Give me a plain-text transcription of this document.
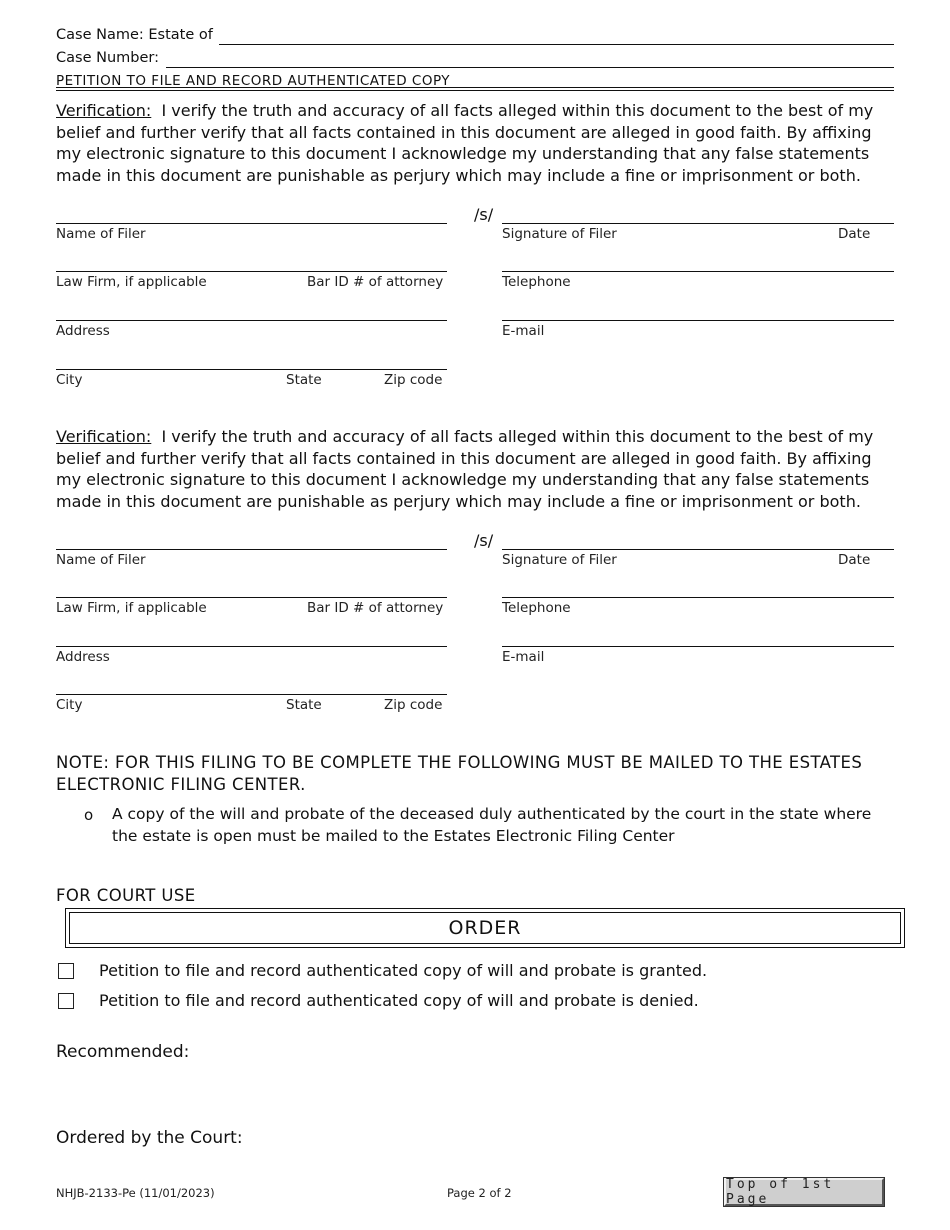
Case Name: Estate of
Case Number:
PETITION TO FILE AND RECORD AUTHENTICATED COPY
Verification: I verify the truth and accuracy of all facts alleged within this document to the best of my belief and further verify that all facts contained in this document are alleged in good faith. By affixing my electronic signature to this document I acknowledge my understanding that any false statements made in this document are punishable as perjury which may include a fine or imprisonment or both.
/s/
Name of Filer	Signature of Filer	Date
Law Firm, if applicable	Bar ID # of attorney	Telephone
Address	E-mail
City	State	Zip code
Verification: I verify the truth and accuracy of all facts alleged within this document to the best of my belief and further verify that all facts contained in this document are alleged in good faith. By affixing my electronic signature to this document I acknowledge my understanding that any false statements made in this document are punishable as perjury which may include a fine or imprisonment or both.
/s/
Name of Filer	Signature of Filer	Date
Law Firm, if applicable	Bar ID # of attorney	Telephone
Address	E-mail
City	State	Zip code
NOTE: FOR THIS FILING TO BE COMPLETE THE FOLLOWING MUST BE MAILED TO THE ESTATES ELECTRONIC FILING CENTER.
o A copy of the will and probate of the deceased duly authenticated by the court in the state where the estate is open must be mailed to the Estates Electronic Filing Center
FOR COURT USE
ORDER
Petition to file and record authenticated copy of will and probate is granted.
Petition to file and record authenticated copy of will and probate is denied.
Recommended:
Ordered by the Court:
NHJB-2133-Pe (11/01/2023)	Page 2 of 2
Top of 1st Page
